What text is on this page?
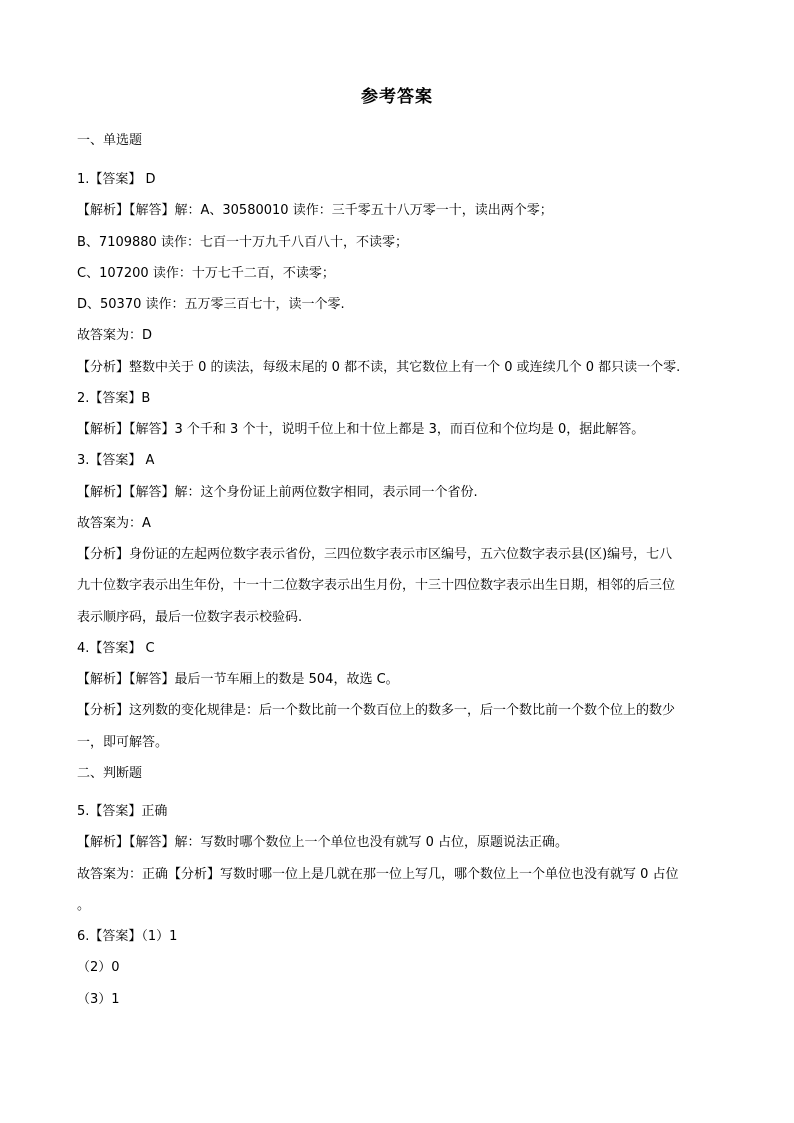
参考答案
一、单选题
1.【答案】 D
【解析】【解答】解：A、30580010 读作：三千零五十八万零一十，读出两个零；
B、7109880 读作：七百一十万九千八百八十，不读零；
C、107200 读作：十万七千二百，不读零；
D、50370 读作：五万零三百七十，读一个零.
故答案为：D
【分析】整数中关于 0 的读法，每级末尾的 0 都不读，其它数位上有一个 0 或连续几个 0 都只读一个零.
2.【答案】B
【解析】【解答】3 个千和 3 个十，说明千位上和十位上都是 3，而百位和个位均是 0，据此解答。
3.【答案】 A
【解析】【解答】解：这个身份证上前两位数字相同，表示同一个省份.
故答案为：A
【分析】身份证的左起两位数字表示省份，三四位数字表示市区编号，五六位数字表示县(区)编号，七八
九十位数字表示出生年份，十一十二位数字表示出生月份，十三十四位数字表示出生日期，相邻的后三位
表示顺序码，最后一位数字表示校验码.
4.【答案】 C
【解析】【解答】最后一节车厢上的数是 504，故选 C。
【分析】这列数的变化规律是：后一个数比前一个数百位上的数多一，后一个数比前一个数个位上的数少
一，即可解答。
二、判断题
5.【答案】正确
【解析】【解答】解：写数时哪个数位上一个单位也没有就写 0 占位，原题说法正确。
故答案为：正确【分析】写数时哪一位上是几就在那一位上写几，哪个数位上一个单位也没有就写 0 占位
。
6.【答案】（1）1
（2）0
（3）1
